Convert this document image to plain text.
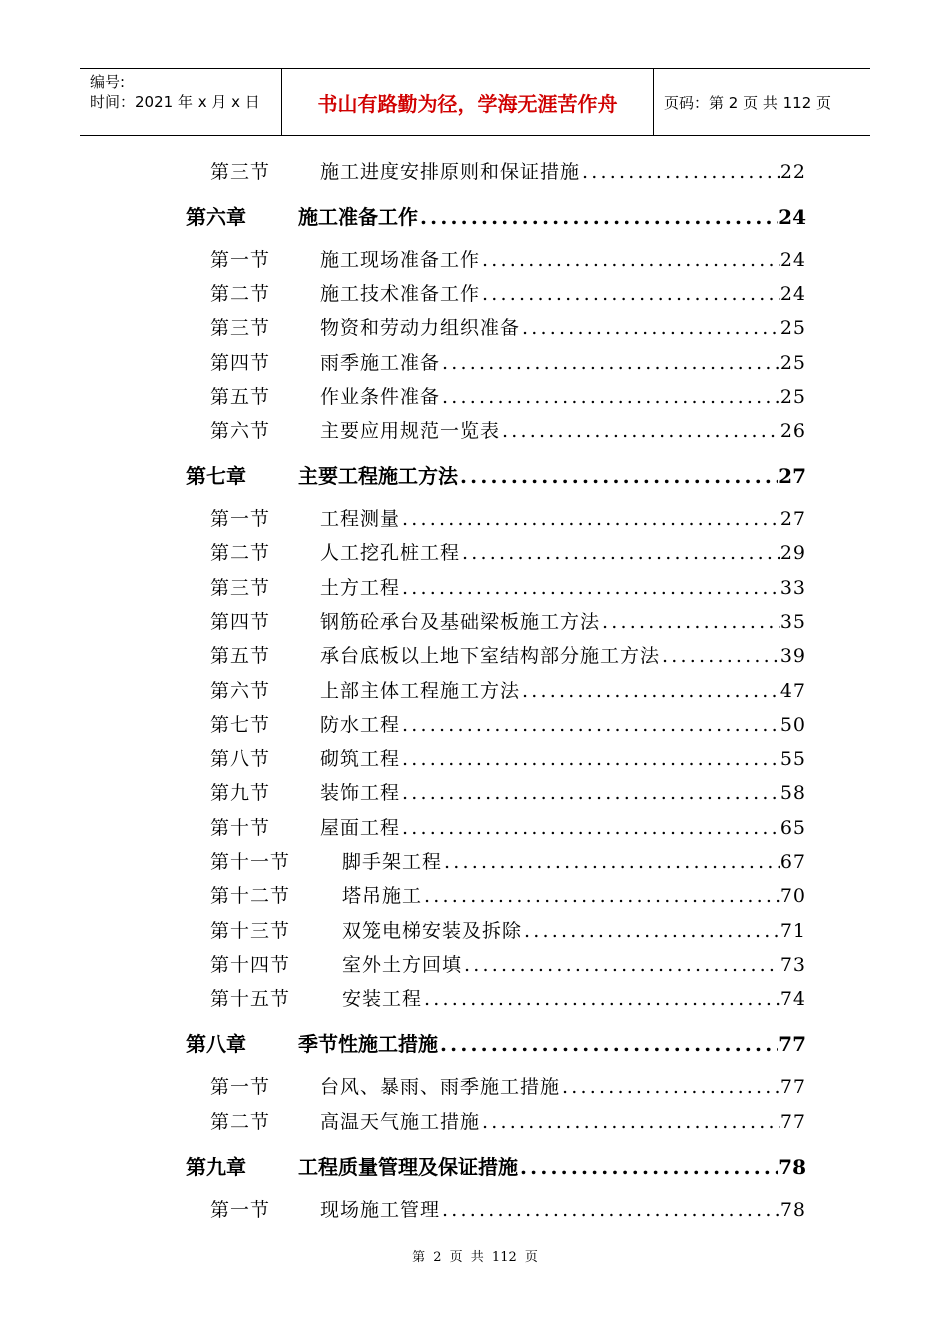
编号:
时间：2021 年 x 月 x 日	书山有路勤为径，学海无涯苦作舟	页码：第 2 页 共 112 页
第三节	施工进度安排原则和保证措施 .....	22
第六章	施工准备工作 .....	24
第一节	施工现场准备工作 .....	24
第二节	施工技术准备工作 .....	24
第三节	物资和劳动力组织准备 .....	25
第四节	雨季施工准备 .....	25
第五节	作业条件准备 .....	25
第六节	主要应用规范一览表 .....	26
第七章	主要工程施工方法 .....	27
第一节	工程测量 .....	27
第二节	人工挖孔桩工程 .....	29
第三节	土方工程 .....	33
第四节	钢筋砼承台及基础梁板施工方法 .....	35
第五节	承台底板以上地下室结构部分施工方法 .....	39
第六节	上部主体工程施工方法 .....	47
第七节	防水工程 .....	50
第八节	砌筑工程 .....	55
第九节	装饰工程 .....	58
第十节	屋面工程 .....	65
第十一节	脚手架工程 .....	67
第十二节	塔吊施工 .....	70
第十三节	双笼电梯安装及拆除 .....	71
第十四节	室外土方回填 .....	73
第十五节	安装工程 .....	74
第八章	季节性施工措施 .....	77
第一节	台风、暴雨、雨季施工措施 .....	77
第二节	高温天气施工措施 .....	77
第九章	工程质量管理及保证措施 .....	78
第一节	现场施工管理 .....	78
第 2 页 共 112 页
